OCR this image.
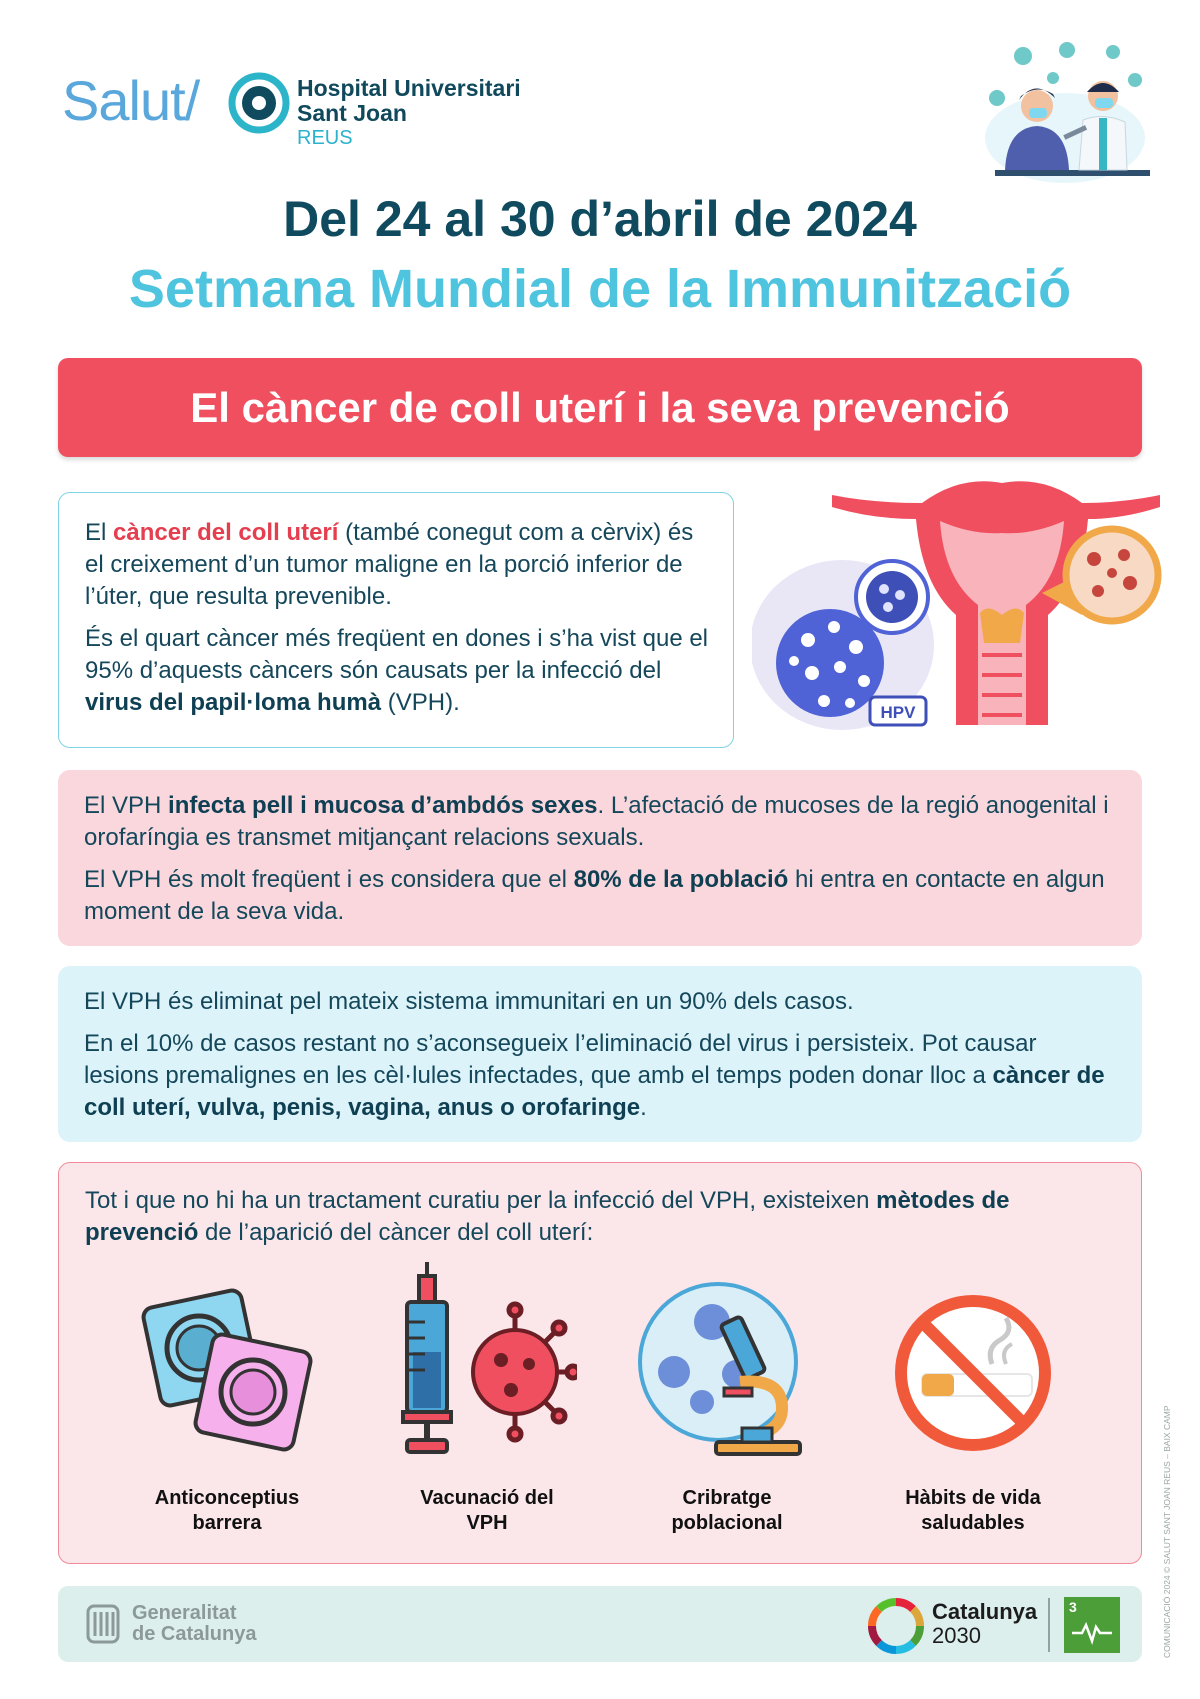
Salut/	Hospital Universitari
Sant Joan
REUS
Del 24 al 30 d’abril de 2024
Setmana Mundial de la Immunització
El càncer de coll uterí i la seva prevenció

El càncer del coll uterí (també conegut com a cèrvix) és el creixement d’un tumor maligne en la porció inferior de l’úter, que resulta prevenible.

És el quart càncer més freqüent en dones i s’ha vist que el 95% d’aquests càncers són causats per la infecció del virus del papil·loma humà (VPH).	HPV

El VPH infecta pell i mucosa d’ambdós sexes. L’afectació de mucoses de la regió anogenital i orofaríngia es transmet mitjançant relacions sexuals.

El VPH és molt freqüent i es considera que el 80% de la població hi entra en contacte en algun moment de la seva vida.

El VPH és eliminat pel mateix sistema immunitari en un 90% dels casos.

En el 10% de casos restant no s’aconsegueix l’eliminació del virus i persisteix. Pot causar lesions premalignes en les cèl·lules infectades, que amb el temps poden donar lloc a càncer de coll uterí, vulva, penis, vagina, anus o orofaringe.

Tot i que no hi ha un tractament curatiu per la infecció del VPH, existeixen mètodes de prevenció de l’aparició del càncer del coll uterí:

Anticonceptius
barrera
Vacunació del
VPH
Cribratge
poblacional
Hàbits de vida
saludables
Generalitat
de Catalunya
Catalunya
2030
3	COMUNICACIÓ 2024 © SALUT SANT JOAN REUS – BAIX CAMP
